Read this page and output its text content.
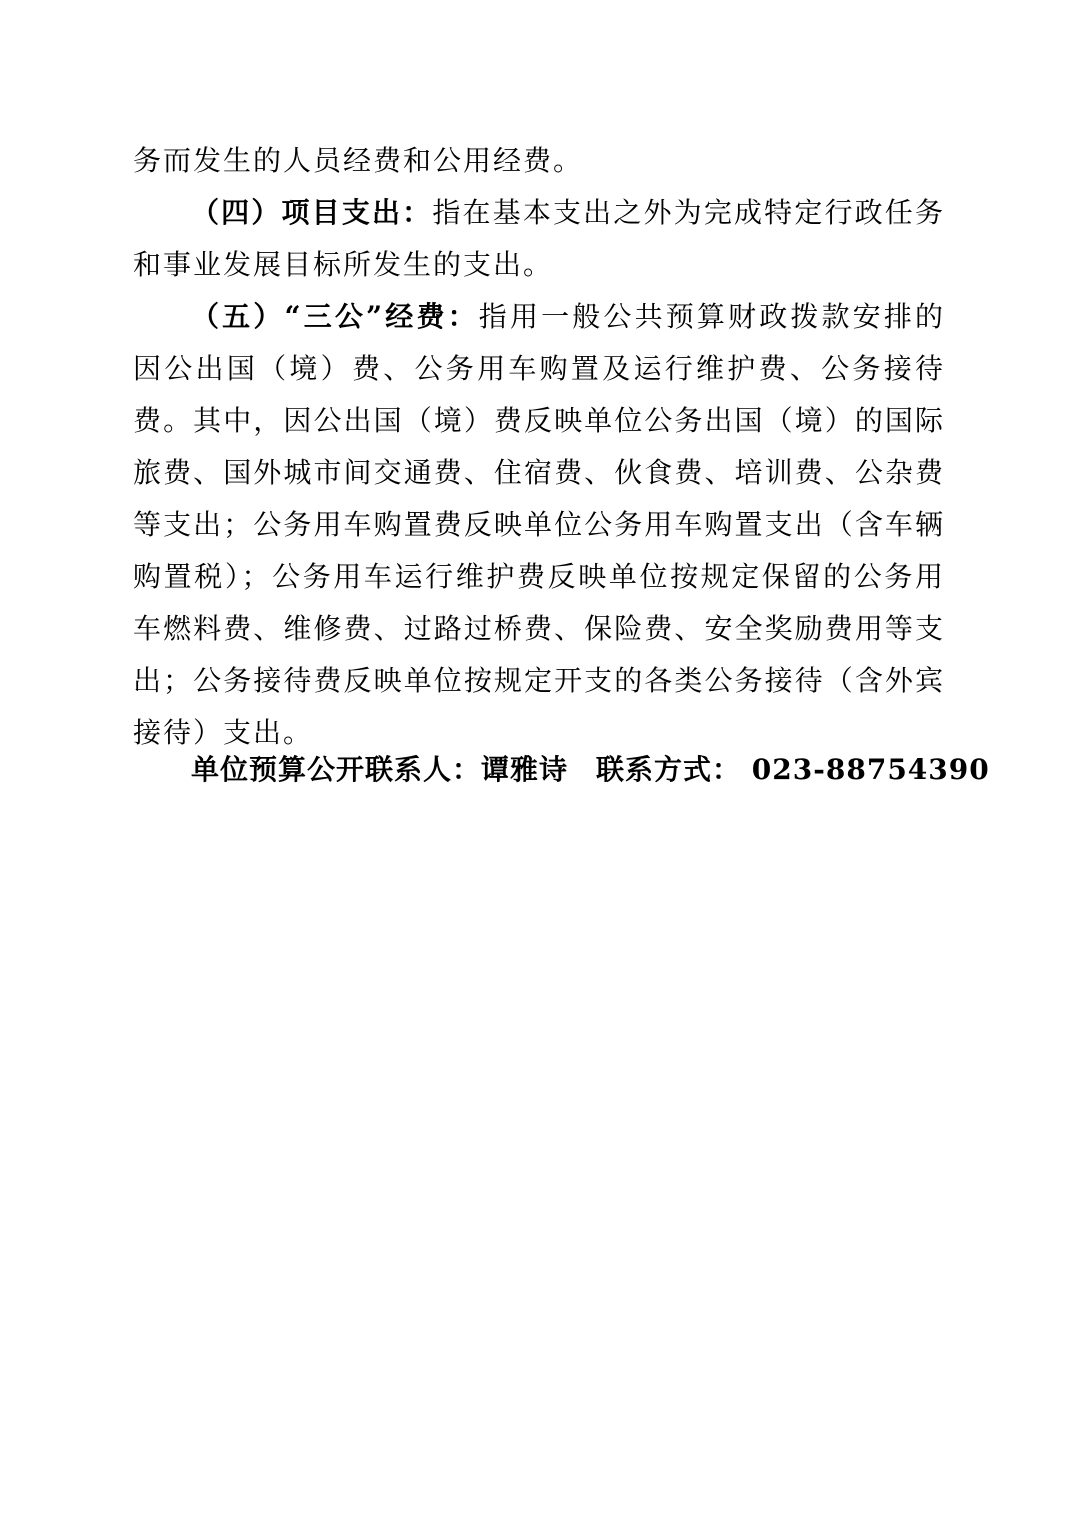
务而发生的人员经费和公用经费。

（四）项目支出：指在基本支出之外为完成特定行政任务和事业发展目标所发生的支出。

（五）“三公”经费：指用一般公共预算财政拨款安排的因公出国（境）费、公务用车购置及运行维护费、公务接待费。其中，因公出国（境）费反映单位公务出国（境）的国际旅费、国外城市间交通费、住宿费、伙食费、培训费、公杂费等支出；公务用车购置费反映单位公务用车购置支出（含车辆购置税）；公务用车运行维护费反映单位按规定保留的公务用车燃料费、维修费、过路过桥费、保险费、安全奖励费用等支出；公务接待费反映单位按规定开支的各类公务接待（含外宾接待）支出。

单位预算公开联系人：谭雅诗 联系方式： 023-88754390
